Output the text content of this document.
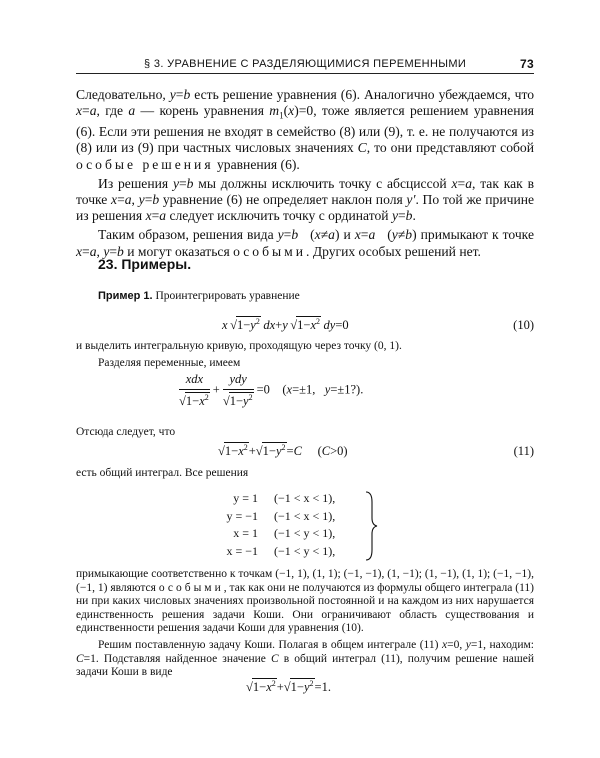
§ 3. УРАВНЕНИЕ С РАЗДЕЛЯЮЩИМИСЯ ПЕРЕМЕННЫМИ	73

Следовательно, y=b есть решение уравнения (6). Аналогично убеждаемся, что x=a, где a — корень уравнения $m_1(x)=0$, тоже является решением уравнения (6). Если эти решения не входят в семейство (8) или (9), т. е. не получаются из (8) или из (9) при частных числовых значениях C, то они представляют собой особые решения уравнения (6).

Из решения y=b мы должны исключить точку с абсциссой x=a, так как в точке x=a, y=b уравнение (6) не определяет наклон поля y′. По той же причине из решения x=a следует исключить точку с ординатой y=b.

Таким образом, решения вида y=b   (x≠a) и x=a   (y≠b) примыкают к точке x=a, y=b и могут оказаться особыми. Других особых решений нет.

23. Примеры.

Пример 1. Проинтегрировать уравнение

x $√1-y^2$  dx+y $√1-x^2$  dy=0	(10)

и выделить интегральную кривую, проходящую через точку (0, 1).

Разделяя переменные, имеем

$\frac{\text{xdx}}{√1-x^2} + \frac{\text{ydy}}{√1-y^2} =0$    (x=±1,   y=±1?).
Отсюда следует, что
$√1-x^2+√1-y^2=C$     (C>0)	(11)
есть общий интеграл. Все решения
y = 1 (−1 < x < 1),
y = −1 (−1 < x < 1),
x = 1 (−1 < y < 1),
x = −1 (−1 < y < 1),

примыкающие соответственно к точкам (−1, 1), (1, 1); (−1, −1), (1, −1); (1, −1), (1, 1); (−1, −1), (−1, 1) являются особыми, так как они не получаются из формулы общего интеграла (11) ни при каких числовых значениях произвольной постоянной и на каждом из них нарушается единственность решения задачи Коши. Они ограничивают область существования и единственности решения задачи Коши для уравнения (10).

Решим поставленную задачу Коши. Полагая в общем интеграле (11) x=0, y=1, находим: C=1. Подставляя найденное значение C в общий интеграл (11), получим решение нашей задачи Коши в виде

$√1-x^2+√1-y^2=1$.
